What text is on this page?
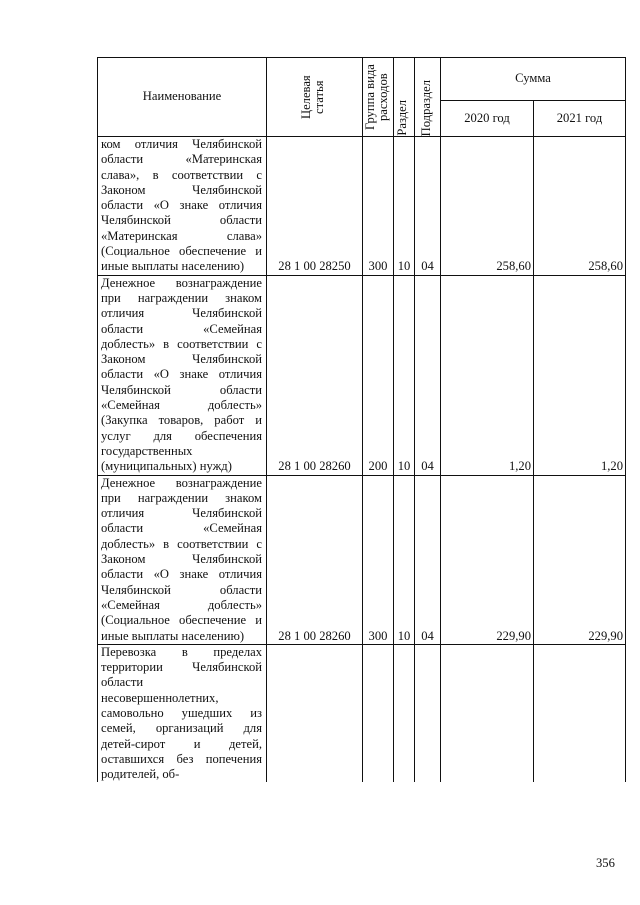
Наименование	Целевая статья	Группа вида расходов	Раздел	Подраздел	Сумма	
					2020 год	2021 год
ком отличия Челябинской области «Материнская слава», в соответствии с Законом Челябинской области «О знаке отличия Челябинской области «Материнская слава» (Социальное обеспечение и иные выплаты населению)	28 1 00 28250	300	10	04	258,60	258,60
Денежное вознаграждение при награждении знаком отличия Челябинской области «Семейная доблесть» в соответствии с Законом Челябинской области «О знаке отличия Челябинской области «Семейная доблесть» (Закупка товаров, работ и услуг для обеспечения государственных (муниципальных) нужд)	28 1 00 28260	200	10	04	1,20	1,20
Денежное вознаграждение при награждении знаком отличия Челябинской области «Семейная доблесть» в соответствии с Законом Челябинской области «О знаке отличия Челябинской области «Семейная доблесть» (Социальное обеспечение и иные выплаты населению)	28 1 00 28260	300	10	04	229,90	229,90
Перевозка в пределах территории Челябинской области несовершеннолетних, самовольно ушедших из семей, организаций для детей-сирот и детей, оставшихся без попечения родителей, об-						
356
